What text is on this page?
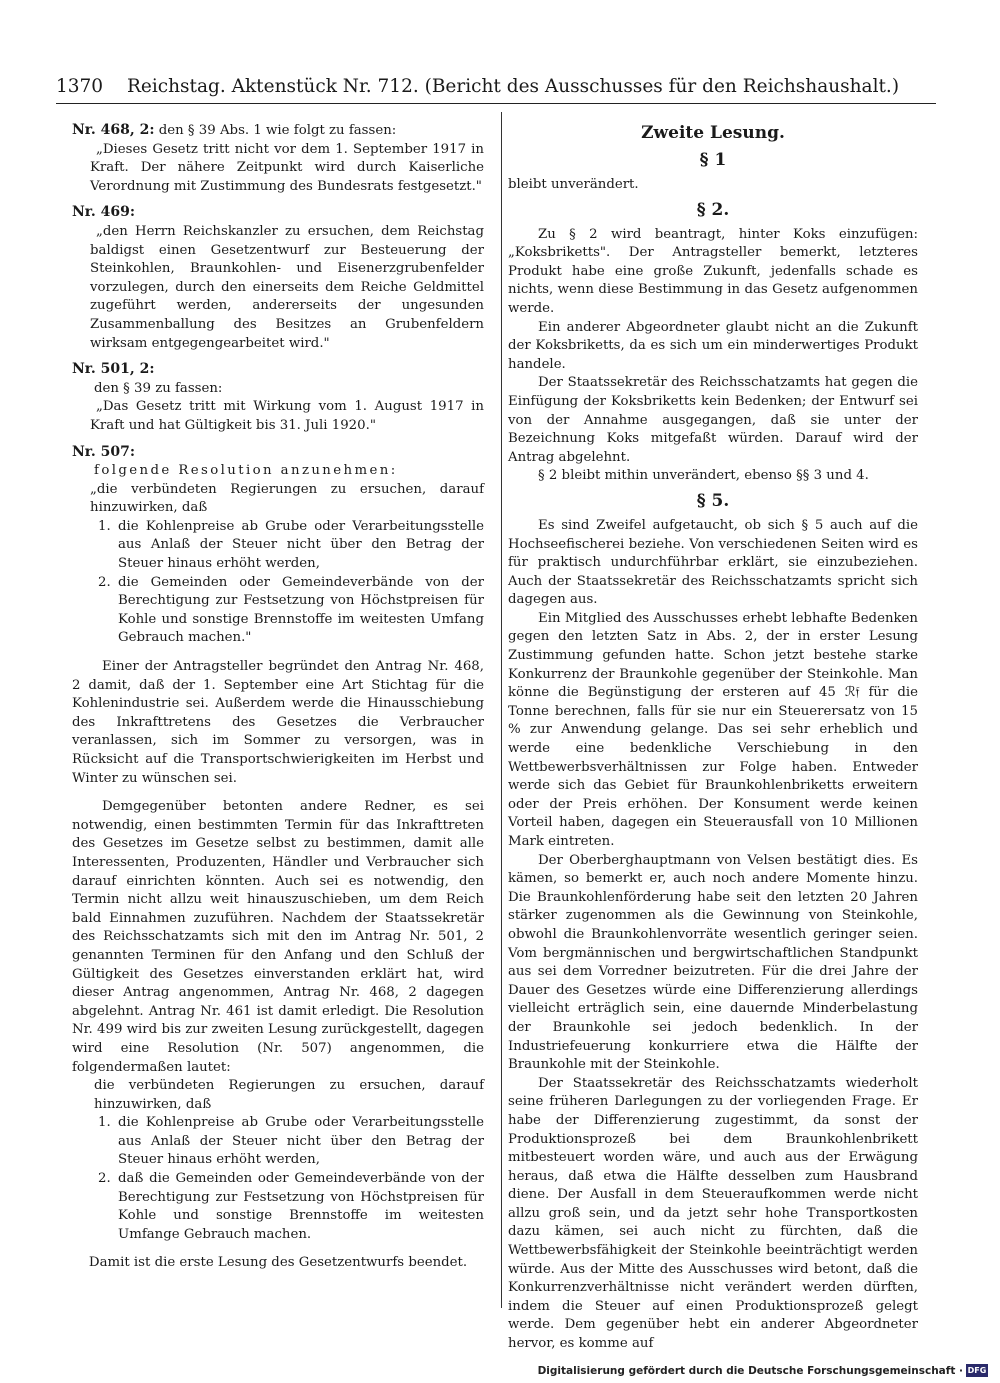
1370 Reichstag. Aktenstück Nr. 712. (Bericht des Ausschusses für den Reichshaushalt.)

Nr. 468, 2: den § 39 Abs. 1 wie folgt zu fassen:

„Dieses Gesetz tritt nicht vor dem 1. September 1917 in Kraft. Der nähere Zeitpunkt wird durch Kaiserliche Verordnung mit Zustimmung des Bundesrats festgesetzt."

Nr. 469:

„den Herrn Reichskanzler zu ersuchen, dem Reichstag baldigst einen Gesetzentwurf zur Besteuerung der Steinkohlen, Braunkohlen- und Eisenerzgrubenfelder vorzulegen, durch den einerseits dem Reiche Geldmittel zugeführt werden, andererseits der ungesunden Zusammenballung des Besitzes an Grubenfeldern wirksam entgegengearbeitet wird."

Nr. 501, 2:

den § 39 zu fassen:

„Das Gesetz tritt mit Wirkung vom 1. August 1917 in Kraft und hat Gültigkeit bis 31. Juli 1920."

Nr. 507:

folgende Resolution anzunehmen:

„die verbündeten Regierungen zu ersuchen, darauf hinzuwirken, daß

1. die Kohlenpreise ab Grube oder Verarbeitungsstelle aus Anlaß der Steuer nicht über den Betrag der Steuer hinaus erhöht werden,
2. die Gemeinden oder Gemeindeverbände von der Berechtigung zur Festsetzung von Höchstpreisen für Kohle und sonstige Brennstoffe im weitesten Umfang Gebrauch machen."

Einer der Antragsteller begründet den Antrag Nr. 468, 2 damit, daß der 1. September eine Art Stichtag für die Kohlenindustrie sei. Außerdem werde die Hinausschiebung des Inkrafttretens des Gesetzes die Verbraucher veranlassen, sich im Sommer zu versorgen, was in Rücksicht auf die Transportschwierigkeiten im Herbst und Winter zu wünschen sei.

Demgegenüber betonten andere Redner, es sei notwendig, einen bestimmten Termin für das Inkrafttreten des Gesetzes im Gesetze selbst zu bestimmen, damit alle Interessenten, Produzenten, Händler und Verbraucher sich darauf einrichten könnten. Auch sei es notwendig, den Termin nicht allzu weit hinauszuschieben, um dem Reich bald Einnahmen zuzuführen. Nachdem der Staatssekretär des Reichsschatzamts sich mit den im Antrag Nr. 501, 2 genannten Terminen für den Anfang und den Schluß der Gültigkeit des Gesetzes einverstanden erklärt hat, wird dieser Antrag angenommen, Antrag Nr. 468, 2 dagegen abgelehnt. Antrag Nr. 461 ist damit erledigt. Die Resolution Nr. 499 wird bis zur zweiten Lesung zurückgestellt, dagegen wird eine Resolution (Nr. 507) angenommen, die folgendermaßen lautet:

die verbündeten Regierungen zu ersuchen, darauf hinzuwirken, daß

1. die Kohlenpreise ab Grube oder Verarbeitungsstelle aus Anlaß der Steuer nicht über den Betrag der Steuer hinaus erhöht werden,
2. daß die Gemeinden oder Gemeindeverbände von der Berechtigung zur Festsetzung von Höchstpreisen für Kohle und sonstige Brennstoffe im weitesten Umfange Gebrauch machen.

Damit ist die erste Lesung des Gesetzentwurfs beendet.

Zweite Lesung.

§ 1

bleibt unverändert.

§ 2.

Zu § 2 wird beantragt, hinter Koks einzufügen: „Koksbriketts". Der Antragsteller bemerkt, letzteres Produkt habe eine große Zukunft, jedenfalls schade es nichts, wenn diese Bestimmung in das Gesetz aufgenommen werde.

Ein anderer Abgeordneter glaubt nicht an die Zukunft der Koksbriketts, da es sich um ein minderwertiges Produkt handele.

Der Staatssekretär des Reichsschatzamts hat gegen die Einfügung der Koksbriketts kein Bedenken; der Entwurf sei von der Annahme ausgegangen, daß sie unter der Bezeichnung Koks mitgefaßt würden. Darauf wird der Antrag abgelehnt.

§ 2 bleibt mithin unverändert, ebenso §§ 3 und 4.

§ 5.

Es sind Zweifel aufgetaucht, ob sich § 5 auch auf die Hochseefischerei beziehe. Von verschiedenen Seiten wird es für praktisch undurchführbar erklärt, sie einzubeziehen. Auch der Staatssekretär des Reichsschatzamts spricht sich dagegen aus.

Ein Mitglied des Ausschusses erhebt lebhafte Bedenken gegen den letzten Satz in Abs. 2, der in erster Lesung Zustimmung gefunden hatte. Schon jetzt bestehe starke Konkurrenz der Braunkohle gegenüber der Steinkohle. Man könne die Begünstigung der ersteren auf 45 ℛ𝔣 für die Tonne berechnen, falls für sie nur ein Steuerersatz von 15 % zur Anwendung gelange. Das sei sehr erheblich und werde eine bedenkliche Verschiebung in den Wettbewerbsverhältnissen zur Folge haben. Entweder werde sich das Gebiet für Braunkohlenbriketts erweitern oder der Preis erhöhen. Der Konsument werde keinen Vorteil haben, dagegen ein Steuerausfall von 10 Millionen Mark eintreten.

Der Oberberghauptmann von Velsen bestätigt dies. Es kämen, so bemerkt er, auch noch andere Momente hinzu. Die Braunkohlenförderung habe seit den letzten 20 Jahren stärker zugenommen als die Gewinnung von Steinkohle, obwohl die Braunkohlenvorräte wesentlich geringer seien. Vom bergmännischen und bergwirtschaftlichen Standpunkt aus sei dem Vorredner beizutreten. Für die drei Jahre der Dauer des Gesetzes würde eine Differenzierung allerdings vielleicht erträglich sein, eine dauernde Minderbelastung der Braunkohle sei jedoch bedenklich. In der Industriefeuerung konkurriere etwa die Hälfte der Braunkohle mit der Steinkohle.

Der Staatssekretär des Reichsschatzamts wiederholt seine früheren Darlegungen zu der vorliegenden Frage. Er habe der Differenzierung zugestimmt, da sonst der Produktionsprozeß bei dem Braunkohlenbrikett mitbesteuert worden wäre, und auch aus der Erwägung heraus, daß etwa die Hälfte desselben zum Hausbrand diene. Der Ausfall in dem Steueraufkommen werde nicht allzu groß sein, und da jetzt sehr hohe Transportkosten dazu kämen, sei auch nicht zu fürchten, daß die Wettbewerbsfähigkeit der Steinkohle beeinträchtigt werden würde. Aus der Mitte des Ausschusses wird betont, daß die Konkurrenzverhältnisse nicht verändert werden dürften, indem die Steuer auf einen Produktionsprozeß gelegt werde. Dem gegenüber hebt ein anderer Abgeordneter hervor, es komme auf

Digitalisierung gefördert durch die Deutsche Forschungsgemeinschaft · DFG
